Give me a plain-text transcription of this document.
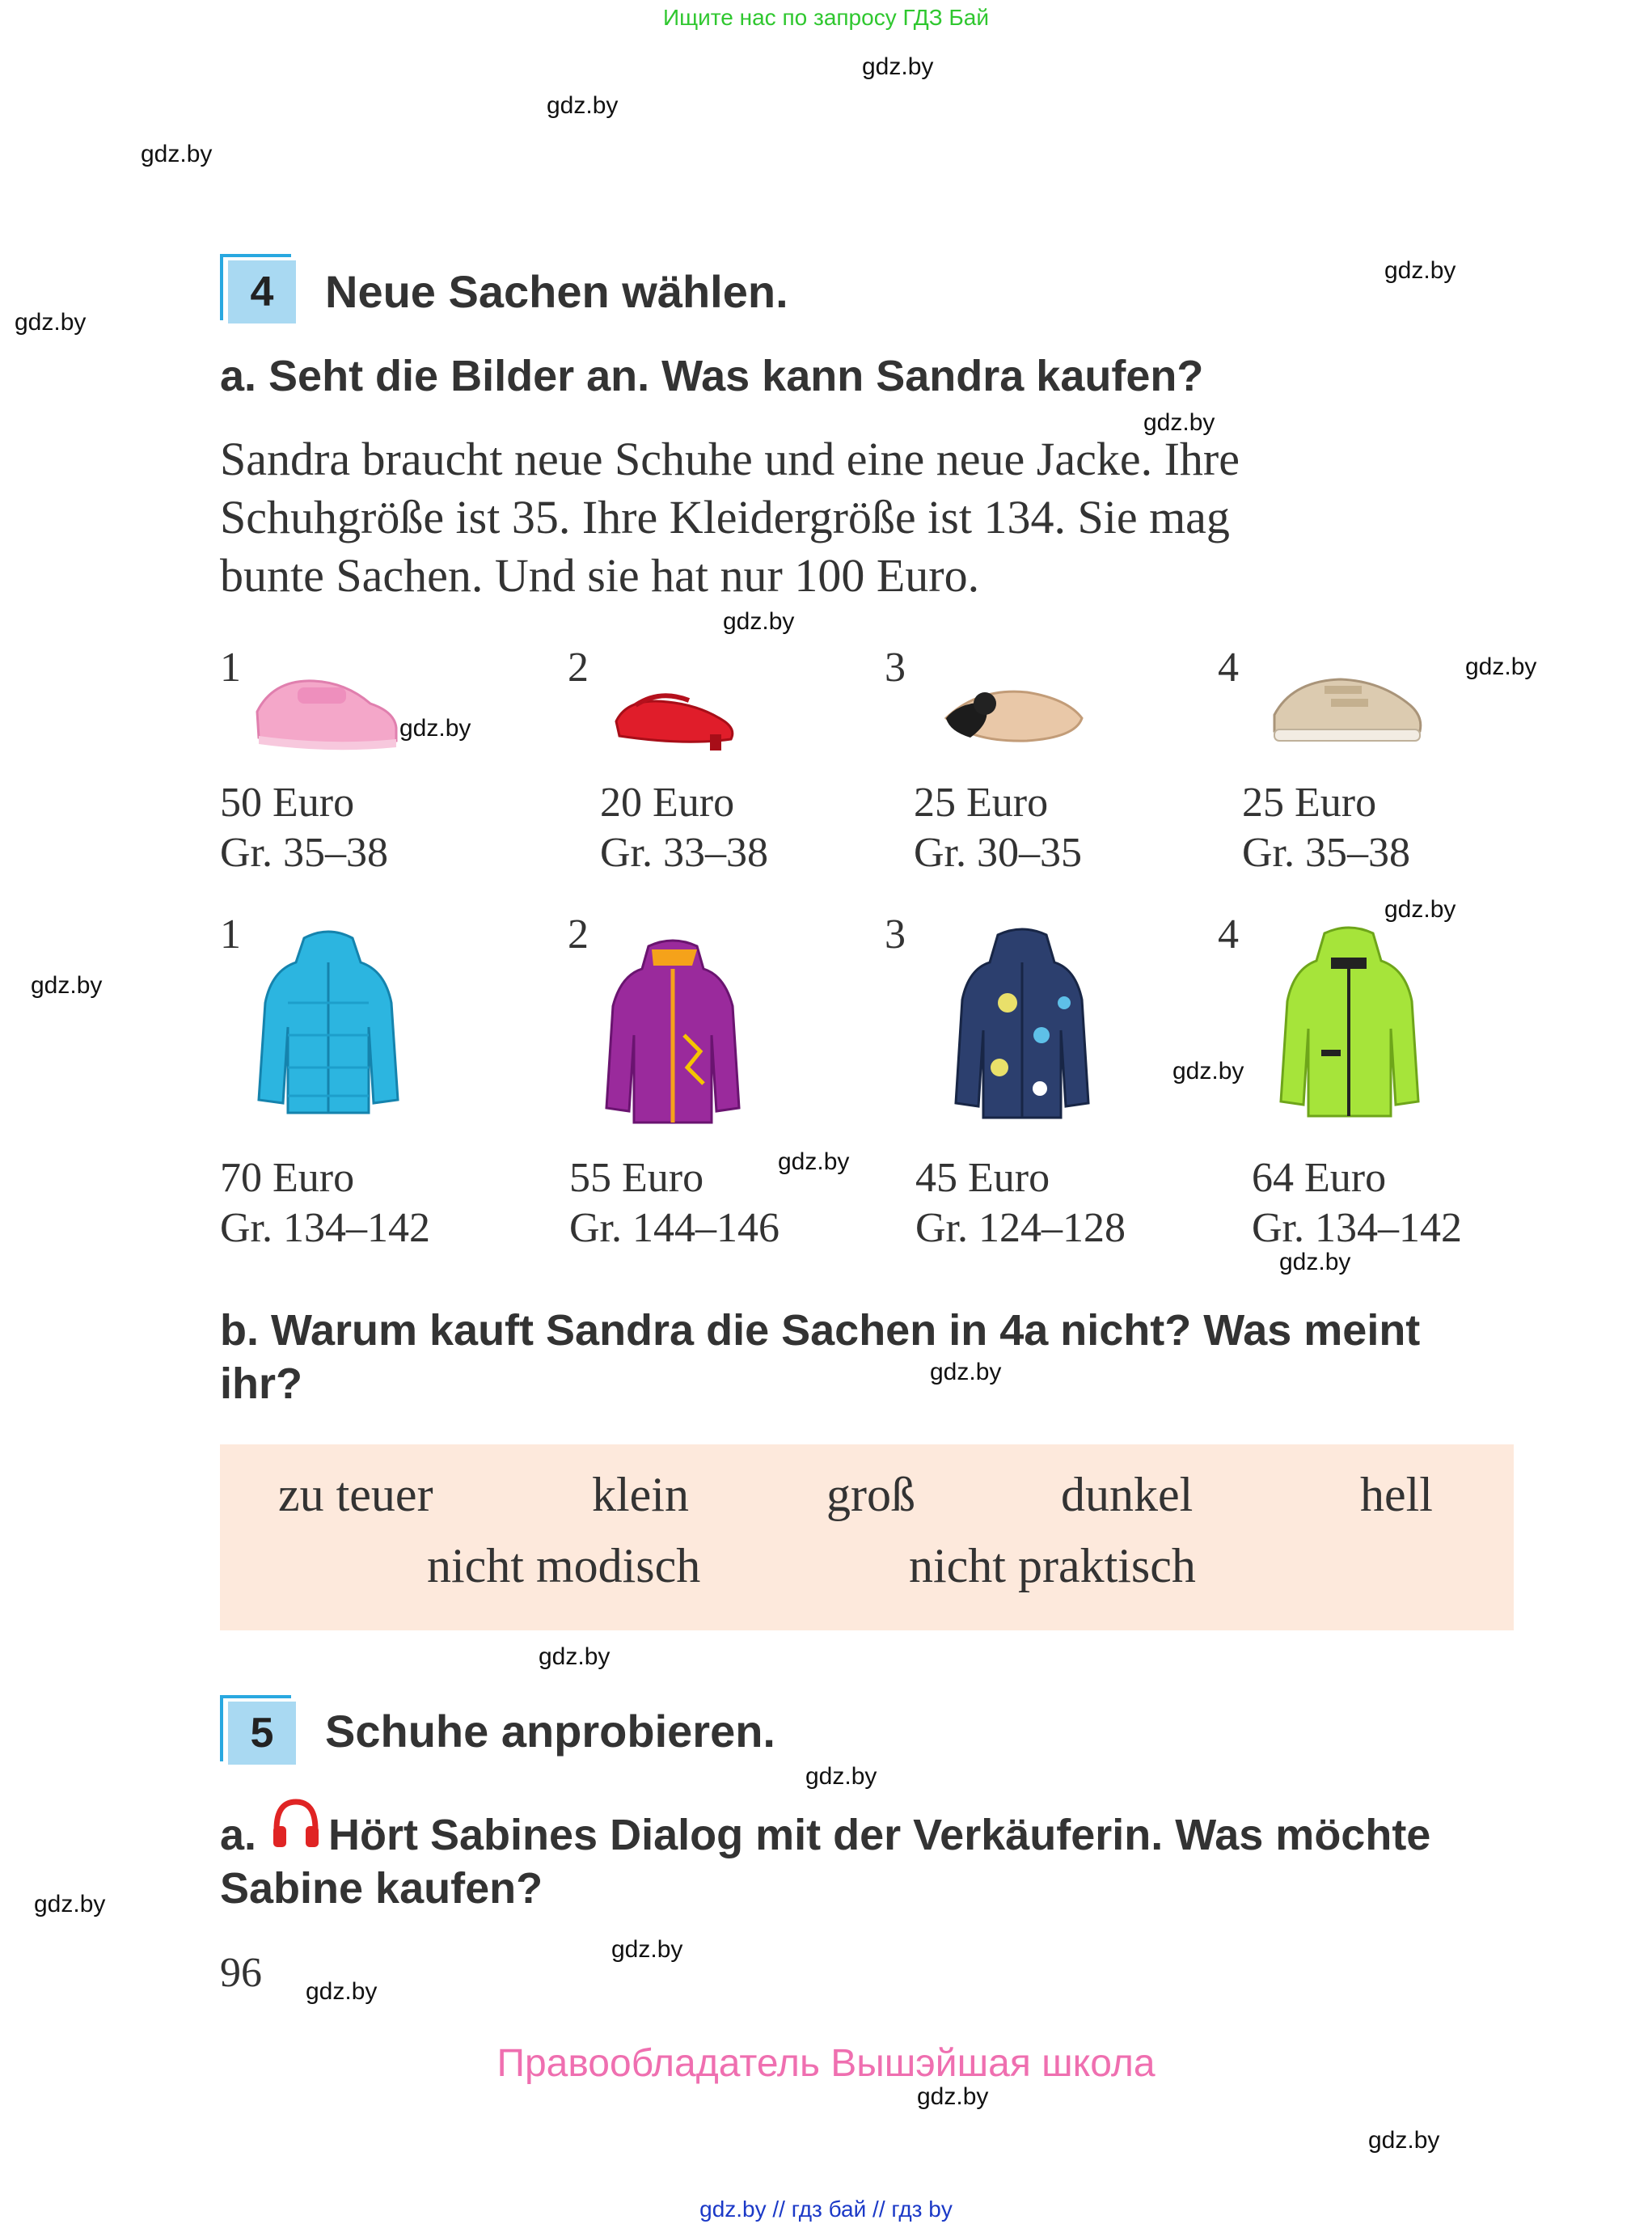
Ищите нас по запросу ГДЗ Бай
gdz.by
gdz.by
gdz.by
gdz.by
gdz.by
gdz.by
gdz.by
gdz.by
gdz.by
gdz.by
gdz.by
gdz.by
gdz.by
gdz.by
gdz.by
gdz.by
gdz.by
gdz.by
gdz.by
gdz.by
gdz.by
gdz.by
4	Neue Sachen wählen.
a. Seht die Bilder an. Was kann Sandra kaufen?
Sandra braucht neue Schuhe und eine neue Jacke. Ihre
Schuhgröße ist 35. Ihre Kleidergröße ist 134. Sie mag
bunte Sachen. Und sie hat nur 100 Euro.
1	2	3	4
50 Euro
Gr. 35–38
20 Euro
Gr. 33–38
25 Euro
Gr. 30–35
25 Euro
Gr. 35–38
1	2	3	4
70 Euro
Gr. 134–142
55 Euro
Gr. 144–146
45 Euro
Gr. 124–128
64 Euro
Gr. 134–142
b. Warum kauft Sandra die Sachen in 4a nicht? Was meint
ihr?
zu teuer	klein	groß	dunkel	hell
nicht modisch	nicht praktisch
5	Schuhe anprobieren.
a. Hört Sabines Dialog mit der Verkäuferin. Was möchte
Sabine kaufen?
96
Правообладатель Вышэйшая школа
gdz.by // гдз бай // гдз by
